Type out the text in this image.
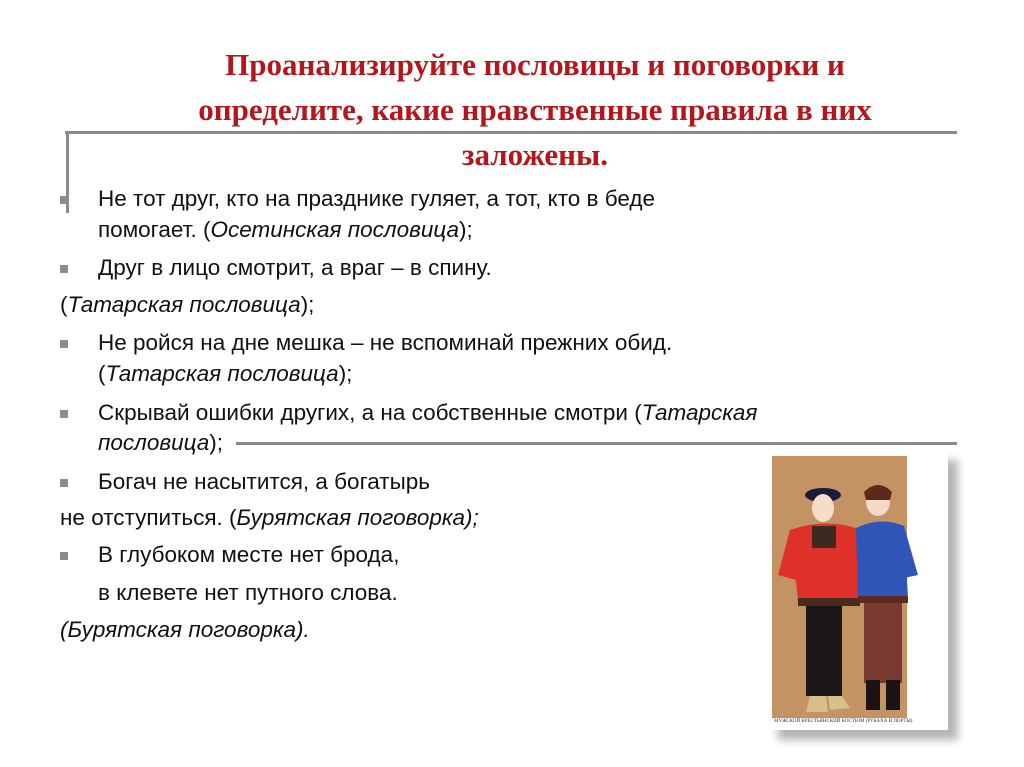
Проанализируйте пословицы и поговорки и
определите, какие нравственные правила в них
заложены.
Не тот друг, кто на празднике гуляет, а тот, кто в беде
помогает. (Осетинская пословица);
Друг в лицо смотрит, а враг – в спину.
(Татарская пословица);
Не ройся на дне мешка – не вспоминай прежних обид.
(Татарская пословица);
Скрывай ошибки других, а на собственные смотри (Татарская
пословица);
Богач не насытится, а богатырь
не отступиться. (Бурятская поговорка);
В глубоком месте нет брода,
в клевете нет путного слова.
(Бурятская поговорка).
МУЖСКОЙ КРЕСТЬЯНСКИЙ КОСТЮМ (РУБАХА И ПОРТЫ)
